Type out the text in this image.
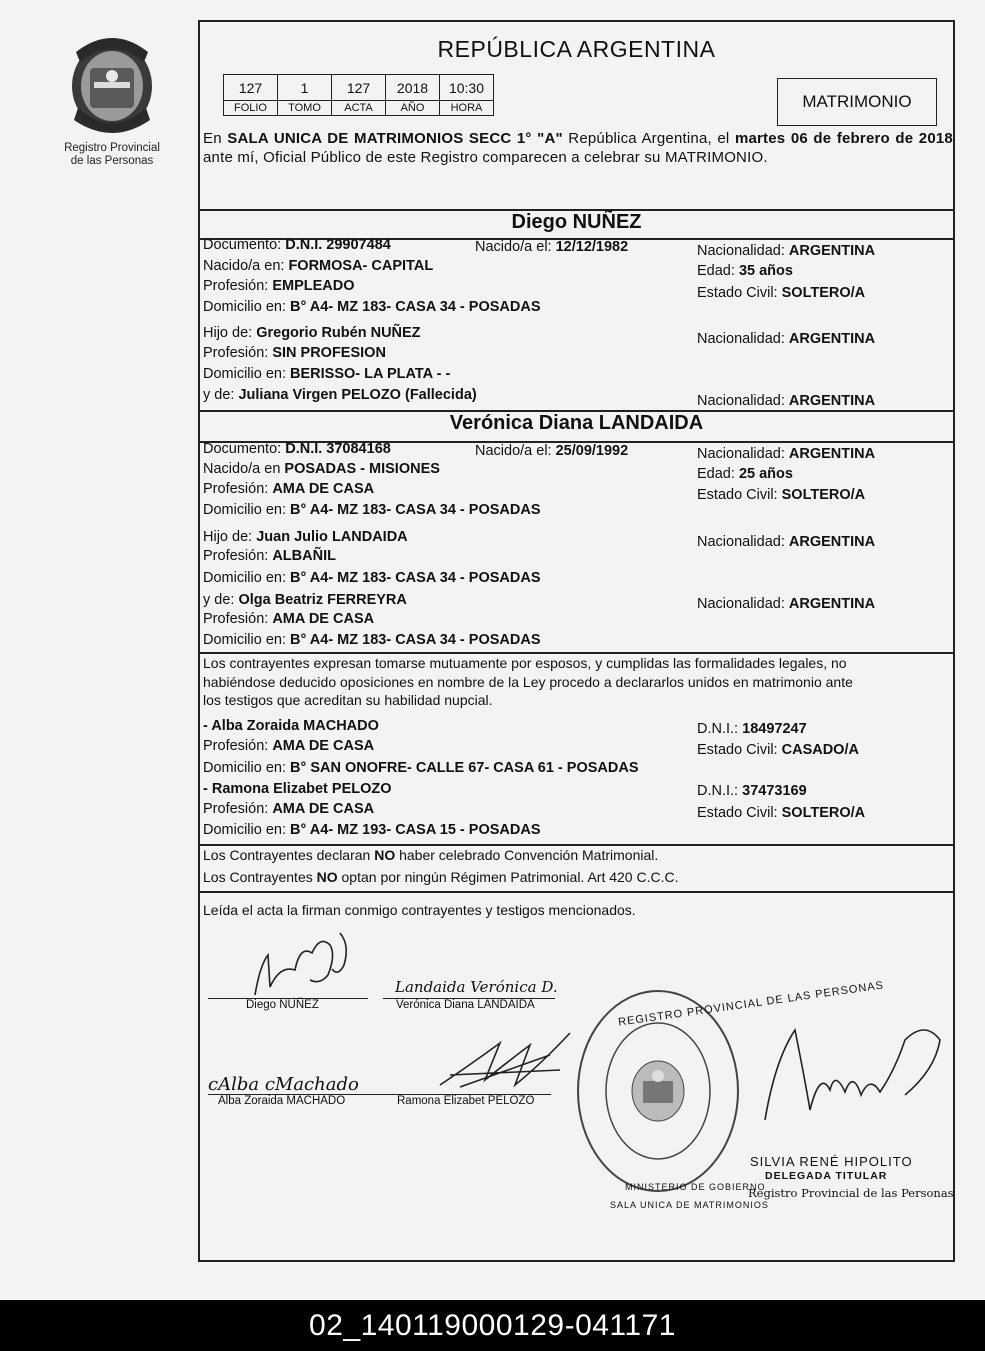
Registro Provincial
de las Personas
REPÚBLICA ARGENTINA
127	1	127	2018	10:30
FOLIO	TOMO	ACTA	AÑO	HORA	MATRIMONIO
En SALA UNICA DE MATRIMONIOS SECC 1° "A" República Argentina, el martes 06 de febrero de 2018 ante mí, Oficial Público de este Registro comparecen a celebrar su MATRIMONIO.
Diego NUÑEZ
Documento: D.N.I. 29907484	Nacido/a el: 12/12/1982	Nacionalidad: ARGENTINA
Nacido/a en: FORMOSA- CAPITAL	Edad: 35 años
Profesión: EMPLEADO	Estado Civil: SOLTERO/A
Domicilio en: B° A4- MZ 183- CASA 34 - POSADAS
Hijo de: Gregorio Rubén NUÑEZ	Nacionalidad: ARGENTINA
Profesión: SIN PROFESION
Domicilio en: BERISSO- LA PLATA - -
y de: Juliana Virgen PELOZO (Fallecida)	Nacionalidad: ARGENTINA
Verónica Diana LANDAIDA
Documento: D.N.I. 37084168	Nacido/a el: 25/09/1992	Nacionalidad: ARGENTINA
Nacido/a en POSADAS - MISIONES	Edad: 25 años
Profesión: AMA DE CASA	Estado Civil: SOLTERO/A
Domicilio en: B° A4- MZ 183- CASA 34 - POSADAS
Hijo de: Juan Julio LANDAIDA	Nacionalidad: ARGENTINA
Profesión: ALBAÑIL
Domicilio en: B° A4- MZ 183- CASA 34 - POSADAS
y de: Olga Beatriz FERREYRA	Nacionalidad: ARGENTINA
Profesión: AMA DE CASA
Domicilio en: B° A4- MZ 183- CASA 34 - POSADAS
Los contrayentes expresan tomarse mutuamente por esposos, y cumplidas las formalidades legales, no
habiéndose deducido oposiciones en nombre de la Ley procedo a declararlos unidos en matrimonio ante
los testigos que acreditan su habilidad nupcial.
- Alba Zoraida MACHADO	D.N.I.: 18497247
Profesión: AMA DE CASA	Estado Civil: CASADO/A
Domicilio en: B° SAN ONOFRE- CALLE 67- CASA 61 - POSADAS
- Ramona Elizabet PELOZO	D.N.I.: 37473169
Profesión: AMA DE CASA	Estado Civil: SOLTERO/A
Domicilio en: B° A4- MZ 193- CASA 15 - POSADAS
Los Contrayentes declaran NO haber celebrado Convención Matrimonial.
Los Contrayentes NO optan por ningún Régimen Patrimonial. Art 420 C.C.C.
Leída el acta la firman conmigo contrayentes y testigos mencionados.
Diego NUÑEZ
Landaida Verónica D.
Verónica Diana LANDAIDA
cAlba cMachado
Alba Zoraida MACHADO	Ramona Elizabet PELOZO
REGISTRO PROVINCIAL DE LAS PERSONAS
MINISTERIO DE GOBIERNO
SALA UNICA DE MATRIMONIOS
SILVIA RENÉ HIPOLITO
DELEGADA TITULAR
Registro Provincial de las Personas
02_140119000129-041171
